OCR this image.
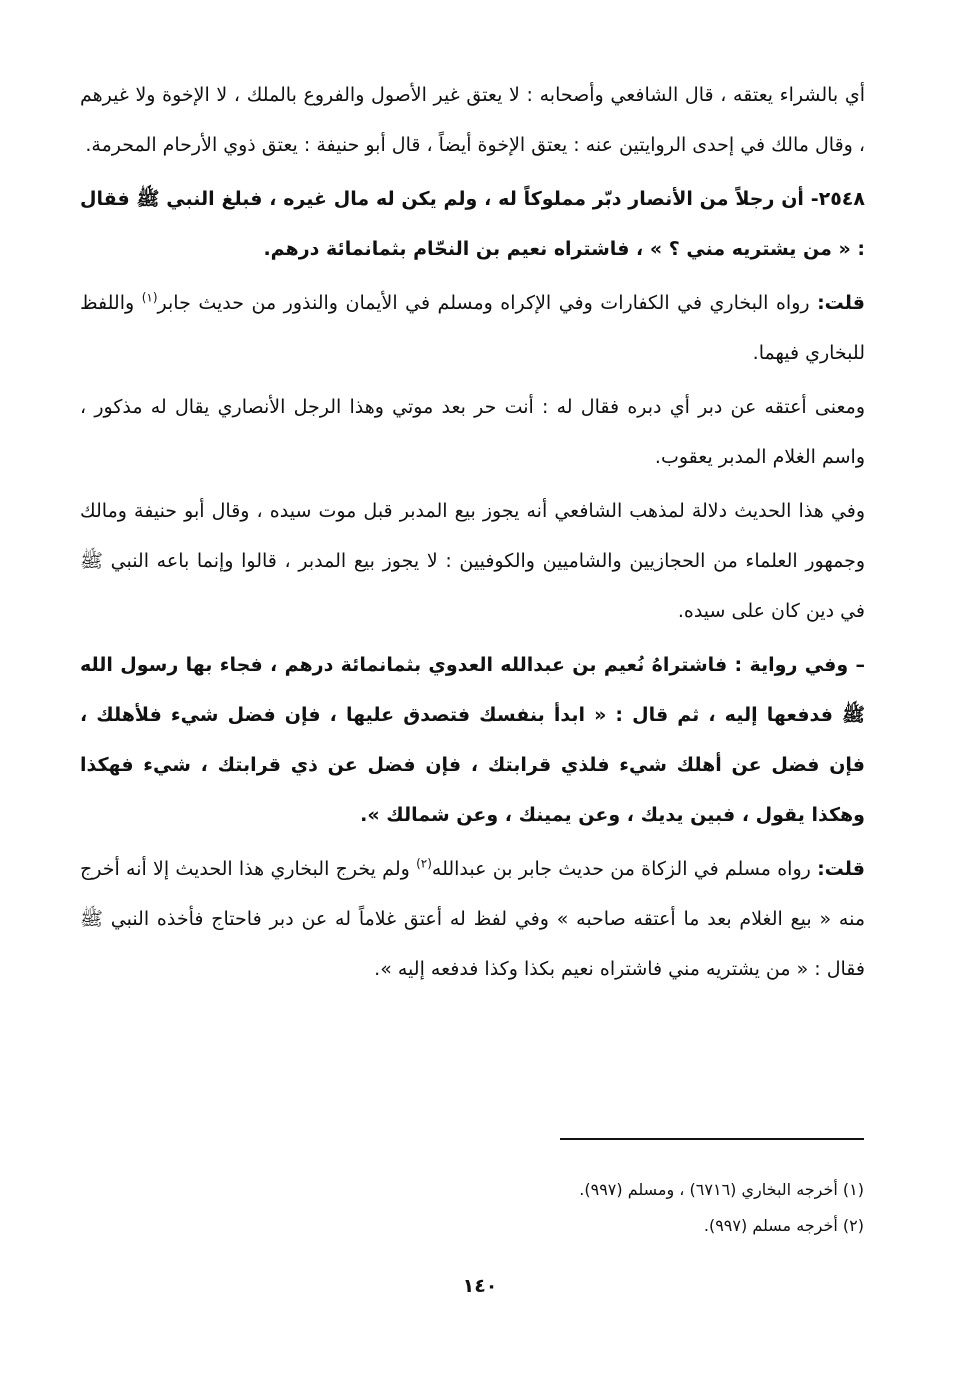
أي بالشراء يعتقه ، قال الشافعي وأصحابه : لا يعتق غير الأصول والفروع بالملك ، لا الإخوة ولا غيرهم ، وقال مالك في إحدى الروايتين عنه : يعتق الإخوة أيضاً ، قال أبو حنيفة : يعتق ذوي الأرحام المحرمة.

٢٥٤٨- أن رجلاً من الأنصار دبّر مملوكاً له ، ولم يكن له مال غيره ، فبلغ النبي ﷺ فقال : « من يشتريه مني ؟ » ، فاشتراه نعيم بن النحّام بثمانمائة درهم.

قلت: رواه البخاري في الكفارات وفي الإكراه ومسلم في الأيمان والنذور من حديث جابر$^{(١)}$ واللفظ للبخاري فيهما.

ومعنى أعتقه عن دبر أي دبره فقال له : أنت حر بعد موتي وهذا الرجل الأنصاري يقال له مذكور ، واسم الغلام المدبر يعقوب.

وفي هذا الحديث دلالة لمذهب الشافعي أنه يجوز بيع المدبر قبل موت سيده ، وقال أبو حنيفة ومالك وجمهور العلماء من الحجازيين والشاميين والكوفيين : لا يجوز بيع المدبر ، قالوا وإنما باعه النبي ﷺ في دين كان على سيده.

– وفي رواية : فاشتراهُ نُعيم بن عبدالله العدوي بثمانمائة درهم ، فجاء بها رسول الله ﷺ فدفعها إليه ، ثم قال : « ابدأ بنفسك فتصدق عليها ، فإن فضل شيء فلأهلك ، فإن فضل عن أهلك شيء فلذي قرابتك ، فإن فضل عن ذي قرابتك ، شيء فهكذا وهكذا يقول ، فبين يديك ، وعن يمينك ، وعن شمالك ».

قلت: رواه مسلم في الزكاة من حديث جابر بن عبدالله$^{(٢)}$ ولم يخرج البخاري هذا الحديث إلا أنه أخرج منه « بيع الغلام بعد ما أعتقه صاحبه » وفي لفظ له أعتق غلاماً له عن دبر فاحتاج فأخذه النبي ﷺ فقال : « من يشتريه مني فاشتراه نعيم بكذا وكذا فدفعه إليه ».

(١) أخرجه البخاري (٦٧١٦) ، ومسلم (٩٩٧).
(٢) أخرجه مسلم (٩٩٧).
١٤٠
